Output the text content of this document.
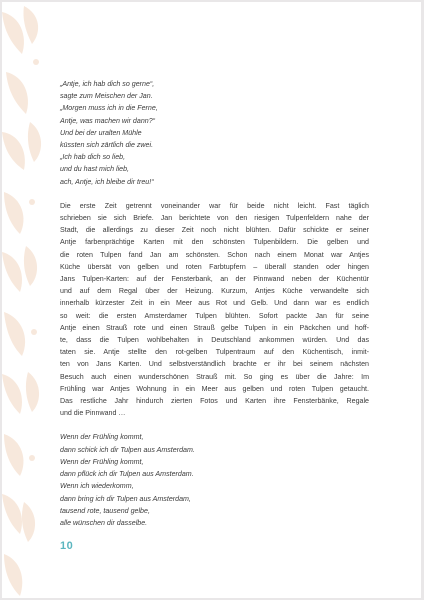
„Antje, ich hab dich so gerne“,
sagte zum Meischen der Jan.
„Morgen muss ich in die Ferne,
Antje, was machen wir dann?“
Und bei der uralten Mühle
küssten sich zärtlich die zwei.
„Ich hab dich so lieb,
und du hast mich lieb,
ach, Antje, ich bleibe dir treu!“
Die erste Zeit getrennt voneinander war für beide nicht leicht. Fast täglich
schrieben sie sich Briefe. Jan berichtete von den riesigen Tulpenfeldern nahe der
Stadt, die allerdings zu dieser Zeit noch nicht blühten. Dafür schickte er seiner
Antje farbenprächtige Karten mit den schönsten Tulpenbildern. Die gelben und
die roten Tulpen fand Jan am schönsten. Schon nach einem Monat war Antjes
Küche übersät von gelben und roten Farbtupfern – überall standen oder hingen
Jans Tulpen-Karten: auf der Fensterbank, an der Pinnwand neben der Küchentür
und auf dem Regal über der Heizung. Kurzum, Antjes Küche verwandelte sich
innerhalb kürzester Zeit in ein Meer aus Rot und Gelb. Und dann war es endlich
so weit: die ersten Amsterdamer Tulpen blühten. Sofort packte Jan für seine
Antje einen Strauß rote und einen Strauß gelbe Tulpen in ein Päckchen und hoff-
te, dass die Tulpen wohlbehalten in Deutschland ankommen würden. Und das
taten sie. Antje stellte den rot-gelben Tulpentraum auf den Küchentisch, inmit-
ten von Jans Karten. Und selbstverständlich brachte er ihr bei seinem nächsten
Besuch auch einen wunderschönen Strauß mit. So ging es über die Jahre: Im
Frühling war Antjes Wohnung in ein Meer aus gelben und roten Tulpen getaucht.
Das restliche Jahr hindurch zierten Fotos und Karten ihre Fensterbänke, Regale
und die Pinnwand …
Wenn der Frühling kommt,
dann schick ich dir Tulpen aus Amsterdam.
Wenn der Frühling kommt,
dann pflück ich dir Tulpen aus Amsterdam.
Wenn ich wiederkomm,
dann bring ich dir Tulpen aus Amsterdam,
tausend rote, tausend gelbe,
alle wünschen dir dasselbe.
10
